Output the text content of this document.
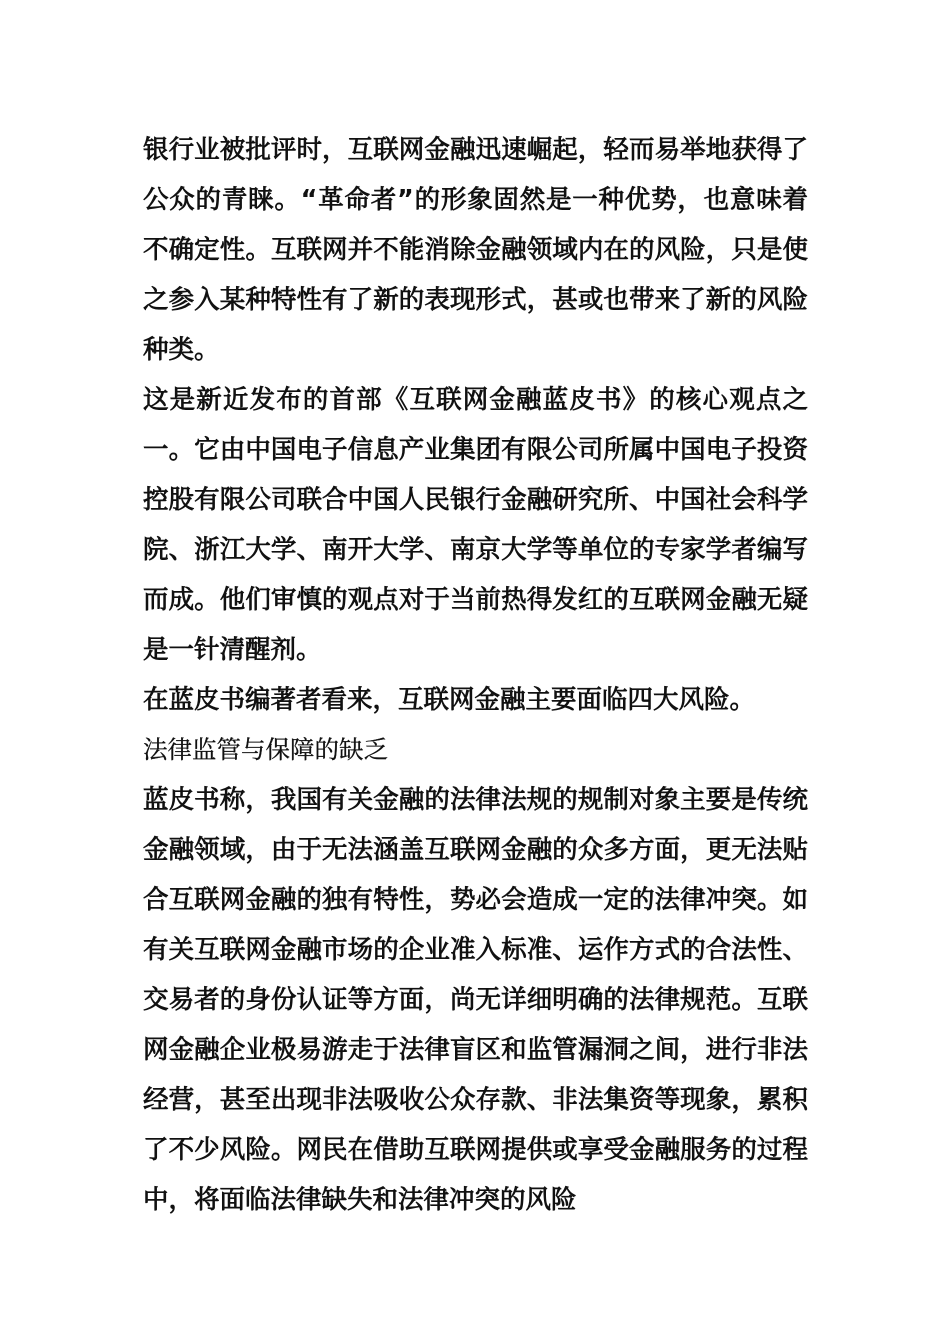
银行业被批评时，互联网金融迅速崛起，轻而易举地获得了公众的青睐。“革命者”的形象固然是一种优势，也意味着不确定性。互联网并不能消除金融领域内在的风险，只是使之参入某种特性有了新的表现形式，甚或也带来了新的风险种类。

这是新近发布的首部《互联网金融蓝皮书》的核心观点之一。它由中国电子信息产业集团有限公司所属中国电子投资控股有限公司联合中国人民银行金融研究所、中国社会科学院、浙江大学、南开大学、南京大学等单位的专家学者编写而成。他们审慎的观点对于当前热得发红的互联网金融无疑是一针清醒剂。

在蓝皮书编著者看来，互联网金融主要面临四大风险。

法律监管与保障的缺乏

蓝皮书称，我国有关金融的法律法规的规制对象主要是传统金融领域，由于无法涵盖互联网金融的众多方面，更无法贴合互联网金融的独有特性，势必会造成一定的法律冲突。如有关互联网金融市场的企业准入标准、运作方式的合法性、交易者的身份认证等方面，尚无详细明确的法律规范。互联网金融企业极易游走于法律盲区和监管漏洞之间，进行非法经营，甚至出现非法吸收公众存款、非法集资等现象，累积了不少风险。网民在借助互联网提供或享受金融服务的过程中，将面临法律缺失和法律冲突的风险
